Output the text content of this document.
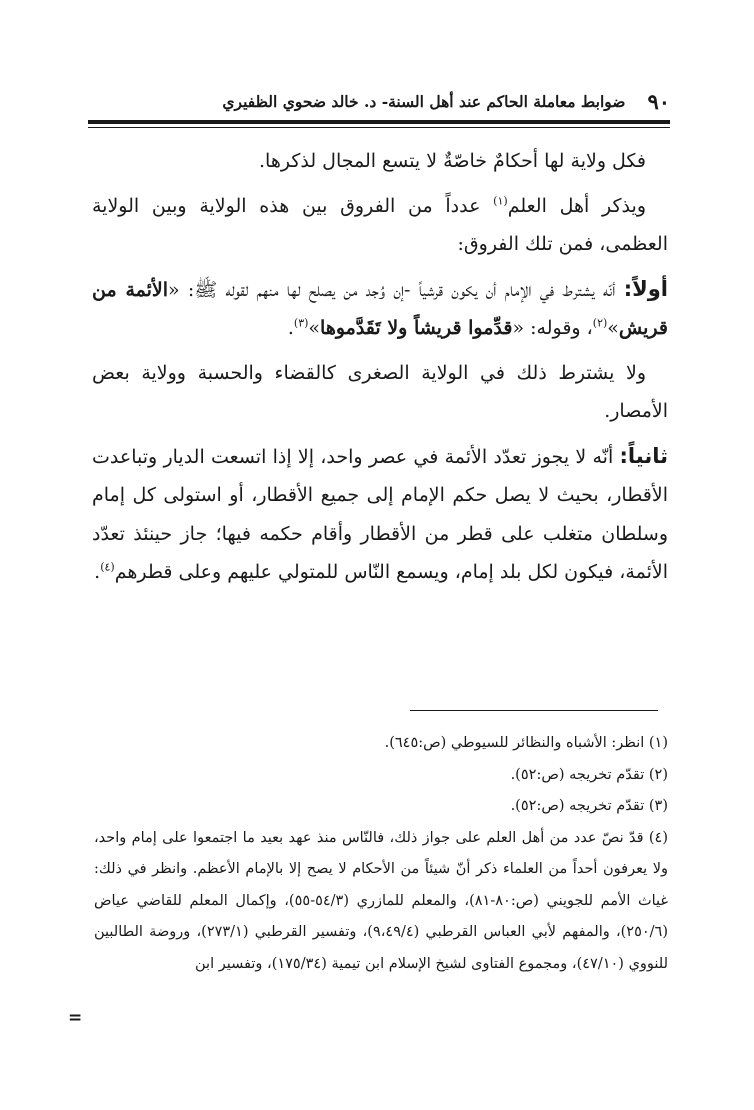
٩٠
ضوابط معاملة الحاكم عند أهل السنة- د. خالد ضحوي الظفيري

فكل ولاية لها أحكامٌ خاصّةٌ لا يتسع المجال لذكرها.

ويذكر أهل العلم$^{(١)}$ عدداً من الفروق بين هذه الولاية وبين الولاية العظمى، فمن تلك الفروق:

أولاً: أنّه يشترط في الإمام أن يكون قرشياً -إن وُجد من يصلح لها منهم لقوله ﷺ: «الأئمة من قريش»$^{(٢)}$، وقوله: «قدِّموا قريشاً ولا تَقَدَّموها»$^{(٣)}$.

ولا يشترط ذلك في الولاية الصغرى كالقضاء والحسبة وولاية بعض الأمصار.

ثانياً: أنّه لا يجوز تعدّد الأئمة في عصر واحد، إلا إذا اتسعت الديار وتباعدت الأقطار، بحيث لا يصل حكم الإمام إلى جميع الأقطار، أو استولى كل إمام وسلطان متغلب على قطر من الأقطار وأقام حكمه فيها؛ جاز حينئذ تعدّد الأئمة، فيكون لكل بلد إمام، ويسمع النّاس للمتولي عليهم وعلى قطرهم$^{(٤)}$.

(١) انظر: الأشباه والنظائر للسيوطي (ص:٦٤٥).

(٢) تقدّم تخريجه (ص:٥٢).

(٣) تقدّم تخريجه (ص:٥٢).

(٤) قدّ نصّ عدد من أهل العلم على جواز ذلك، فالنّاس منذ عهد بعيد ما اجتمعوا على إمام واحد، ولا يعرفون أحداً من العلماء ذكر أنّ شيئاً من الأحكام لا يصح إلا بالإمام الأعظم. وانظر في ذلك: غياث الأمم للجويني (ص:٨٠-٨١)، والمعلم للمازري (٥٤/٣-٥٥)، وإكمال المعلم للقاضي عياض (٢٥٠/٦)، والمفهم لأبي العباس القرطبي (٩،٤٩/٤)، وتفسير القرطبي (٢٧٣/١)، وروضة الطالبين للنووي (٤٧/١٠)، ومجموع الفتاوى لشيخ الإسلام ابن تيمية (١٧٥/٣٤)، وتفسير ابن

=
